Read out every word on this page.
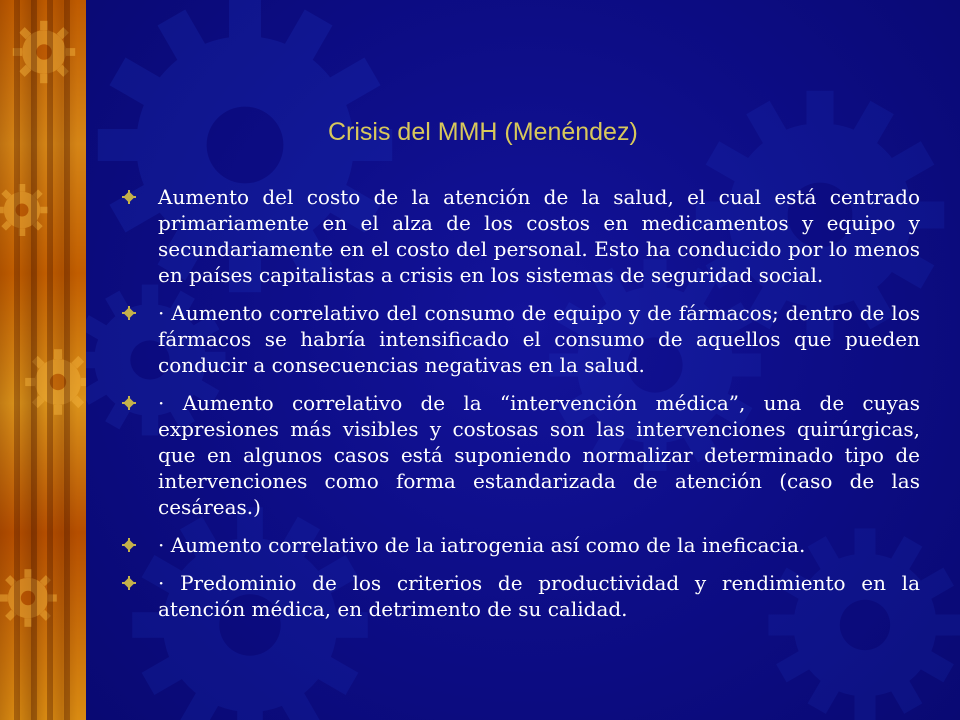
Crisis del MMH (Menéndez)
Aumento del costo de la atención de la salud, el cual está centrado primariamente en el alza de los costos en medicamentos y equipo y secundariamente en el costo del personal. Esto ha conducido por lo menos en países capitalistas a crisis en los sistemas de seguridad social.
· Aumento correlativo del consumo de equipo y de fármacos; dentro de los fármacos se habría intensificado el consumo de aquellos que pueden conducir a consecuencias negativas en la salud.
· Aumento correlativo de la “intervención médica”, una de cuyas expresiones más visibles y costosas son las intervenciones quirúrgicas, que en algunos casos está suponiendo normalizar determinado tipo de intervenciones como forma estandarizada de atención (caso de las cesáreas.)
· Aumento correlativo de la iatrogenia así como de la ineficacia.
· Predominio de los criterios de productividad y rendimiento en la atención médica, en detrimento de su calidad.
